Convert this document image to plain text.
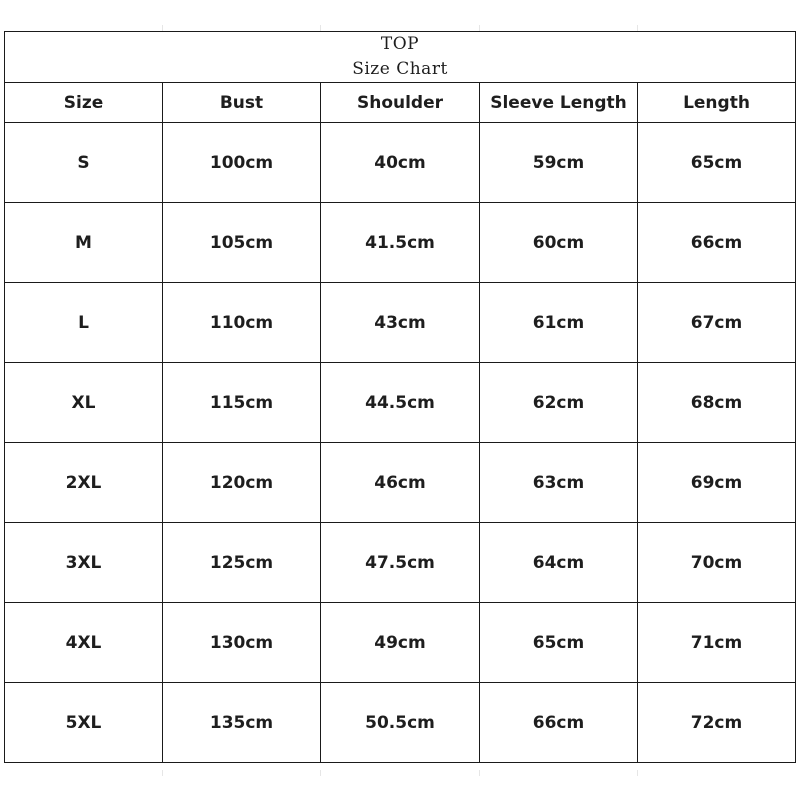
TOP
Size Chart				

Size	Bust	Shoulder	Sleeve Length	Length
S	100cm	40cm	59cm	65cm
M	105cm	41.5cm	60cm	66cm
L	110cm	43cm	61cm	67cm
XL	115cm	44.5cm	62cm	68cm
2XL	120cm	46cm	63cm	69cm
3XL	125cm	47.5cm	64cm	70cm
4XL	130cm	49cm	65cm	71cm
5XL	135cm	50.5cm	66cm	72cm
